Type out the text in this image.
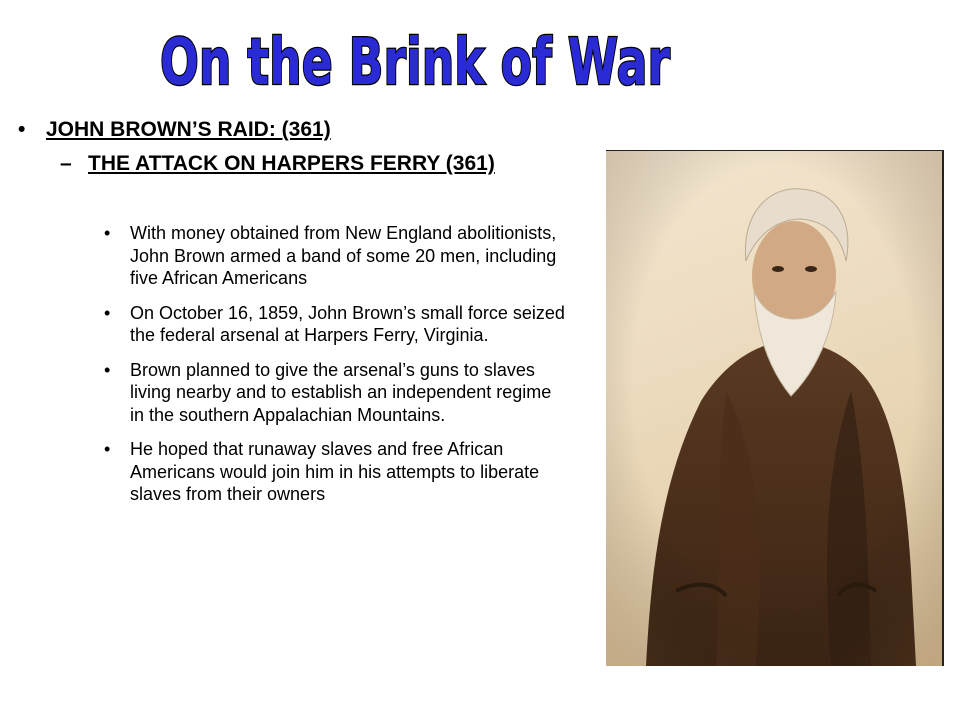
On the Brink of War
• JOHN BROWN’S RAID: (361)
– THE ATTACK ON HARPERS FERRY (361)
• With money obtained from New England abolitionists, John Brown armed a band of some 20 men, including five African Americans
• On October 16, 1859, John Brown’s small force seized the federal arsenal at Harpers Ferry, Virginia.
• Brown planned to give the arsenal’s guns to slaves living nearby and to establish an independent regime in the southern Appalachian Mountains.
• He hoped that runaway slaves and free African Americans would join him in his attempts to liberate slaves from their owners
